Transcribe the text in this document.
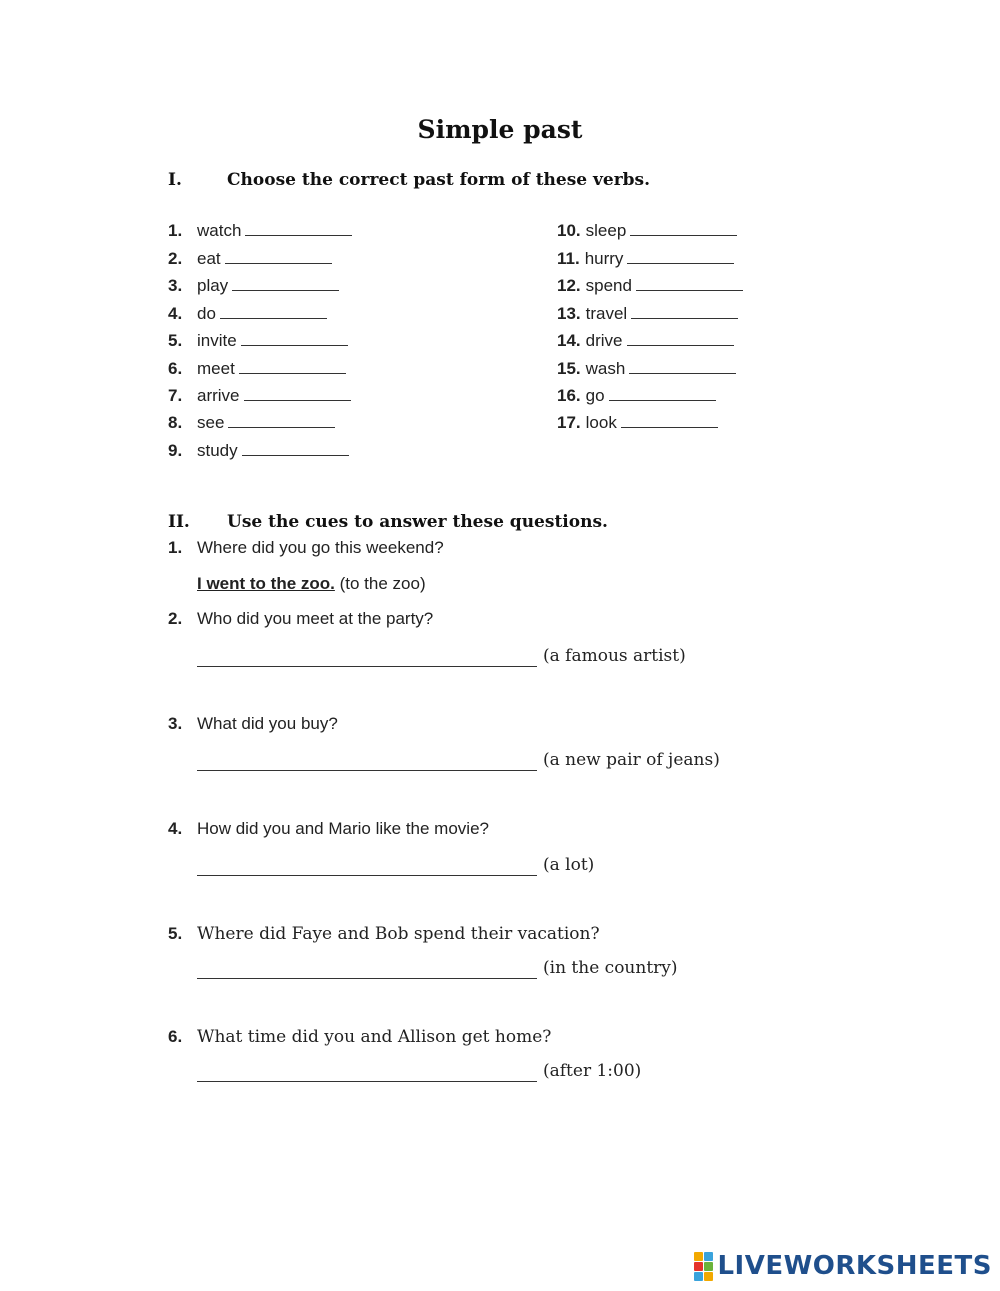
Simple past
I.	Choose the correct past form of these verbs.
1. watch
2. eat
3. play
4. do
5. invite
6. meet
7. arrive
8. see
9. study
10. sleep
11. hurry
12. spend
13. travel
14. drive
15. wash
16. go
17. look
II. Use the cues to answer these questions.
1. Where did you go this weekend?
I went to the zoo. (to the zoo)
2. Who did you meet at the party?
(a famous artist)
3. What did you buy?
(a new pair of jeans)
4. How did you and Mario like the movie?
(a lot)
5. Where did Faye and Bob spend their vacation?
(in the country)
6. What time did you and Allison get home?
(after 1:00)
LIVEWORKSHEETS
